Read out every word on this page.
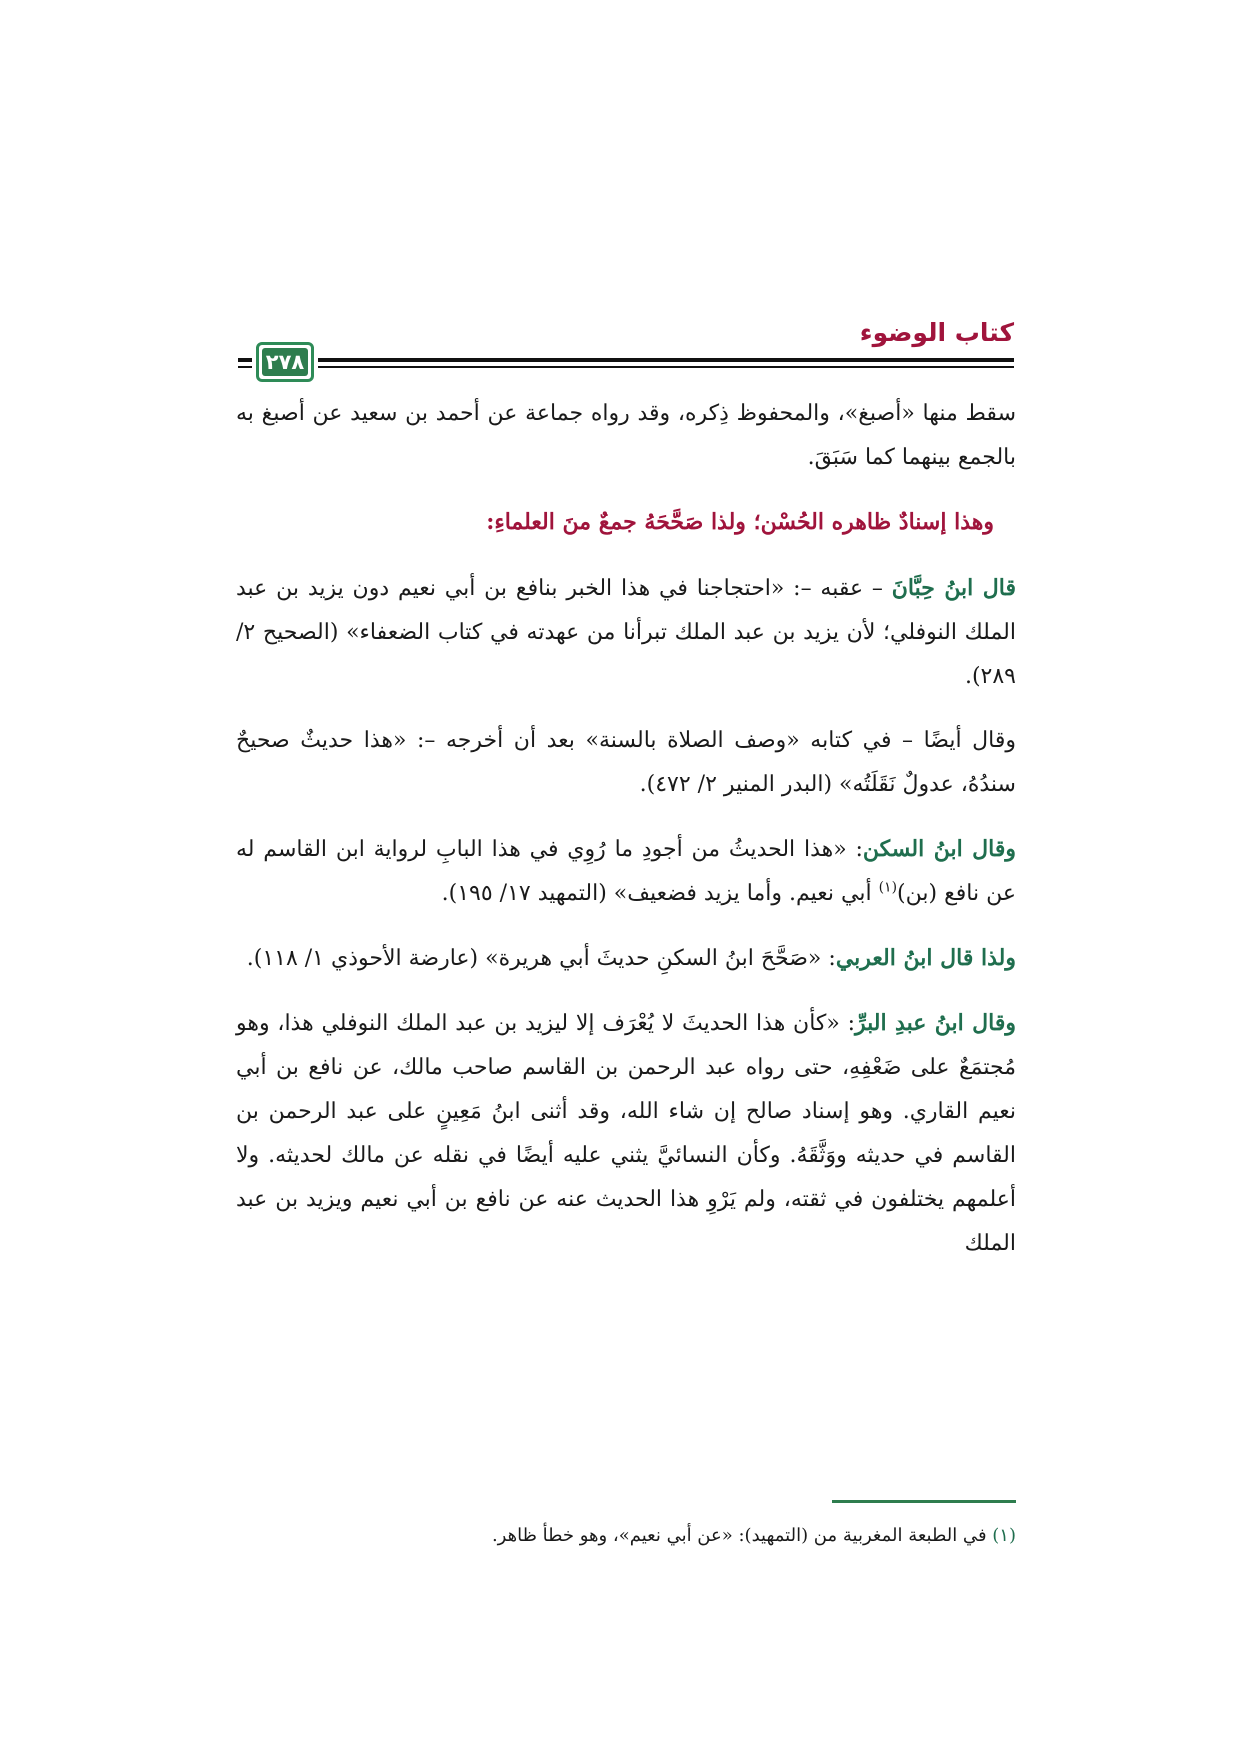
كتاب الوضوء
٢٧٨

سقط منها «أصبغ»، والمحفوظ ذِكره، وقد رواه جماعة عن أحمد بن سعيد عن أصبغ به بالجمع بينهما كما سَبَقَ.

وهذا إسنادٌ ظاهره الحُسْن؛ ولذا صَحَّحَهُ جمعٌ منَ العلماءِ:

قال ابنُ حِبَّانَ – عقبه –: «احتجاجنا في هذا الخبر بنافع بن أبي نعيم دون يزيد بن عبد الملك النوفلي؛ لأن يزيد بن عبد الملك تبرأنا من عهدته في كتاب الضعفاء» (الصحيح ٢/ ٢٨٩).

وقال أيضًا – في كتابه «وصف الصلاة بالسنة» بعد أن أخرجه –: «هذا حديثٌ صحيحٌ سندُهُ، عدولٌ نَقَلَتُه» (البدر المنير ٢/ ٤٧٢).

وقال ابنُ السكن: «هذا الحديثُ من أجودِ ما رُوِي في هذا البابِ لرواية ابن القاسم له عن نافع (بن)$^{(١)}$ أبي نعيم. وأما يزيد فضعيف» (التمهيد ١٧/ ١٩٥).

ولذا قال ابنُ العربي: «صَحَّحَ ابنُ السكنِ حديثَ أبي هريرة» (عارضة الأحوذي ١/ ١١٨).

وقال ابنُ عبدِ البرِّ: «كأن هذا الحديثَ لا يُعْرَف إلا ليزيد بن عبد الملك النوفلي هذا، وهو مُجتمَعٌ على ضَعْفِهِ، حتى رواه عبد الرحمن بن القاسم صاحب مالك، عن نافع بن أبي نعيم القاري. وهو إسناد صالح إن شاء الله، وقد أثنى ابنُ مَعِينٍ على عبد الرحمن بن القاسم في حديثه ووَثَّقَهُ. وكأن النسائيَّ يثني عليه أيضًا في نقله عن مالك لحديثه. ولا أعلمهم يختلفون في ثقته، ولم يَرْوِ هذا الحديث عنه عن نافع بن أبي نعيم ويزيد بن عبد الملك

(١) في الطبعة المغربية من (التمهيد): «عن أبي نعيم»، وهو خطأ ظاهر.
